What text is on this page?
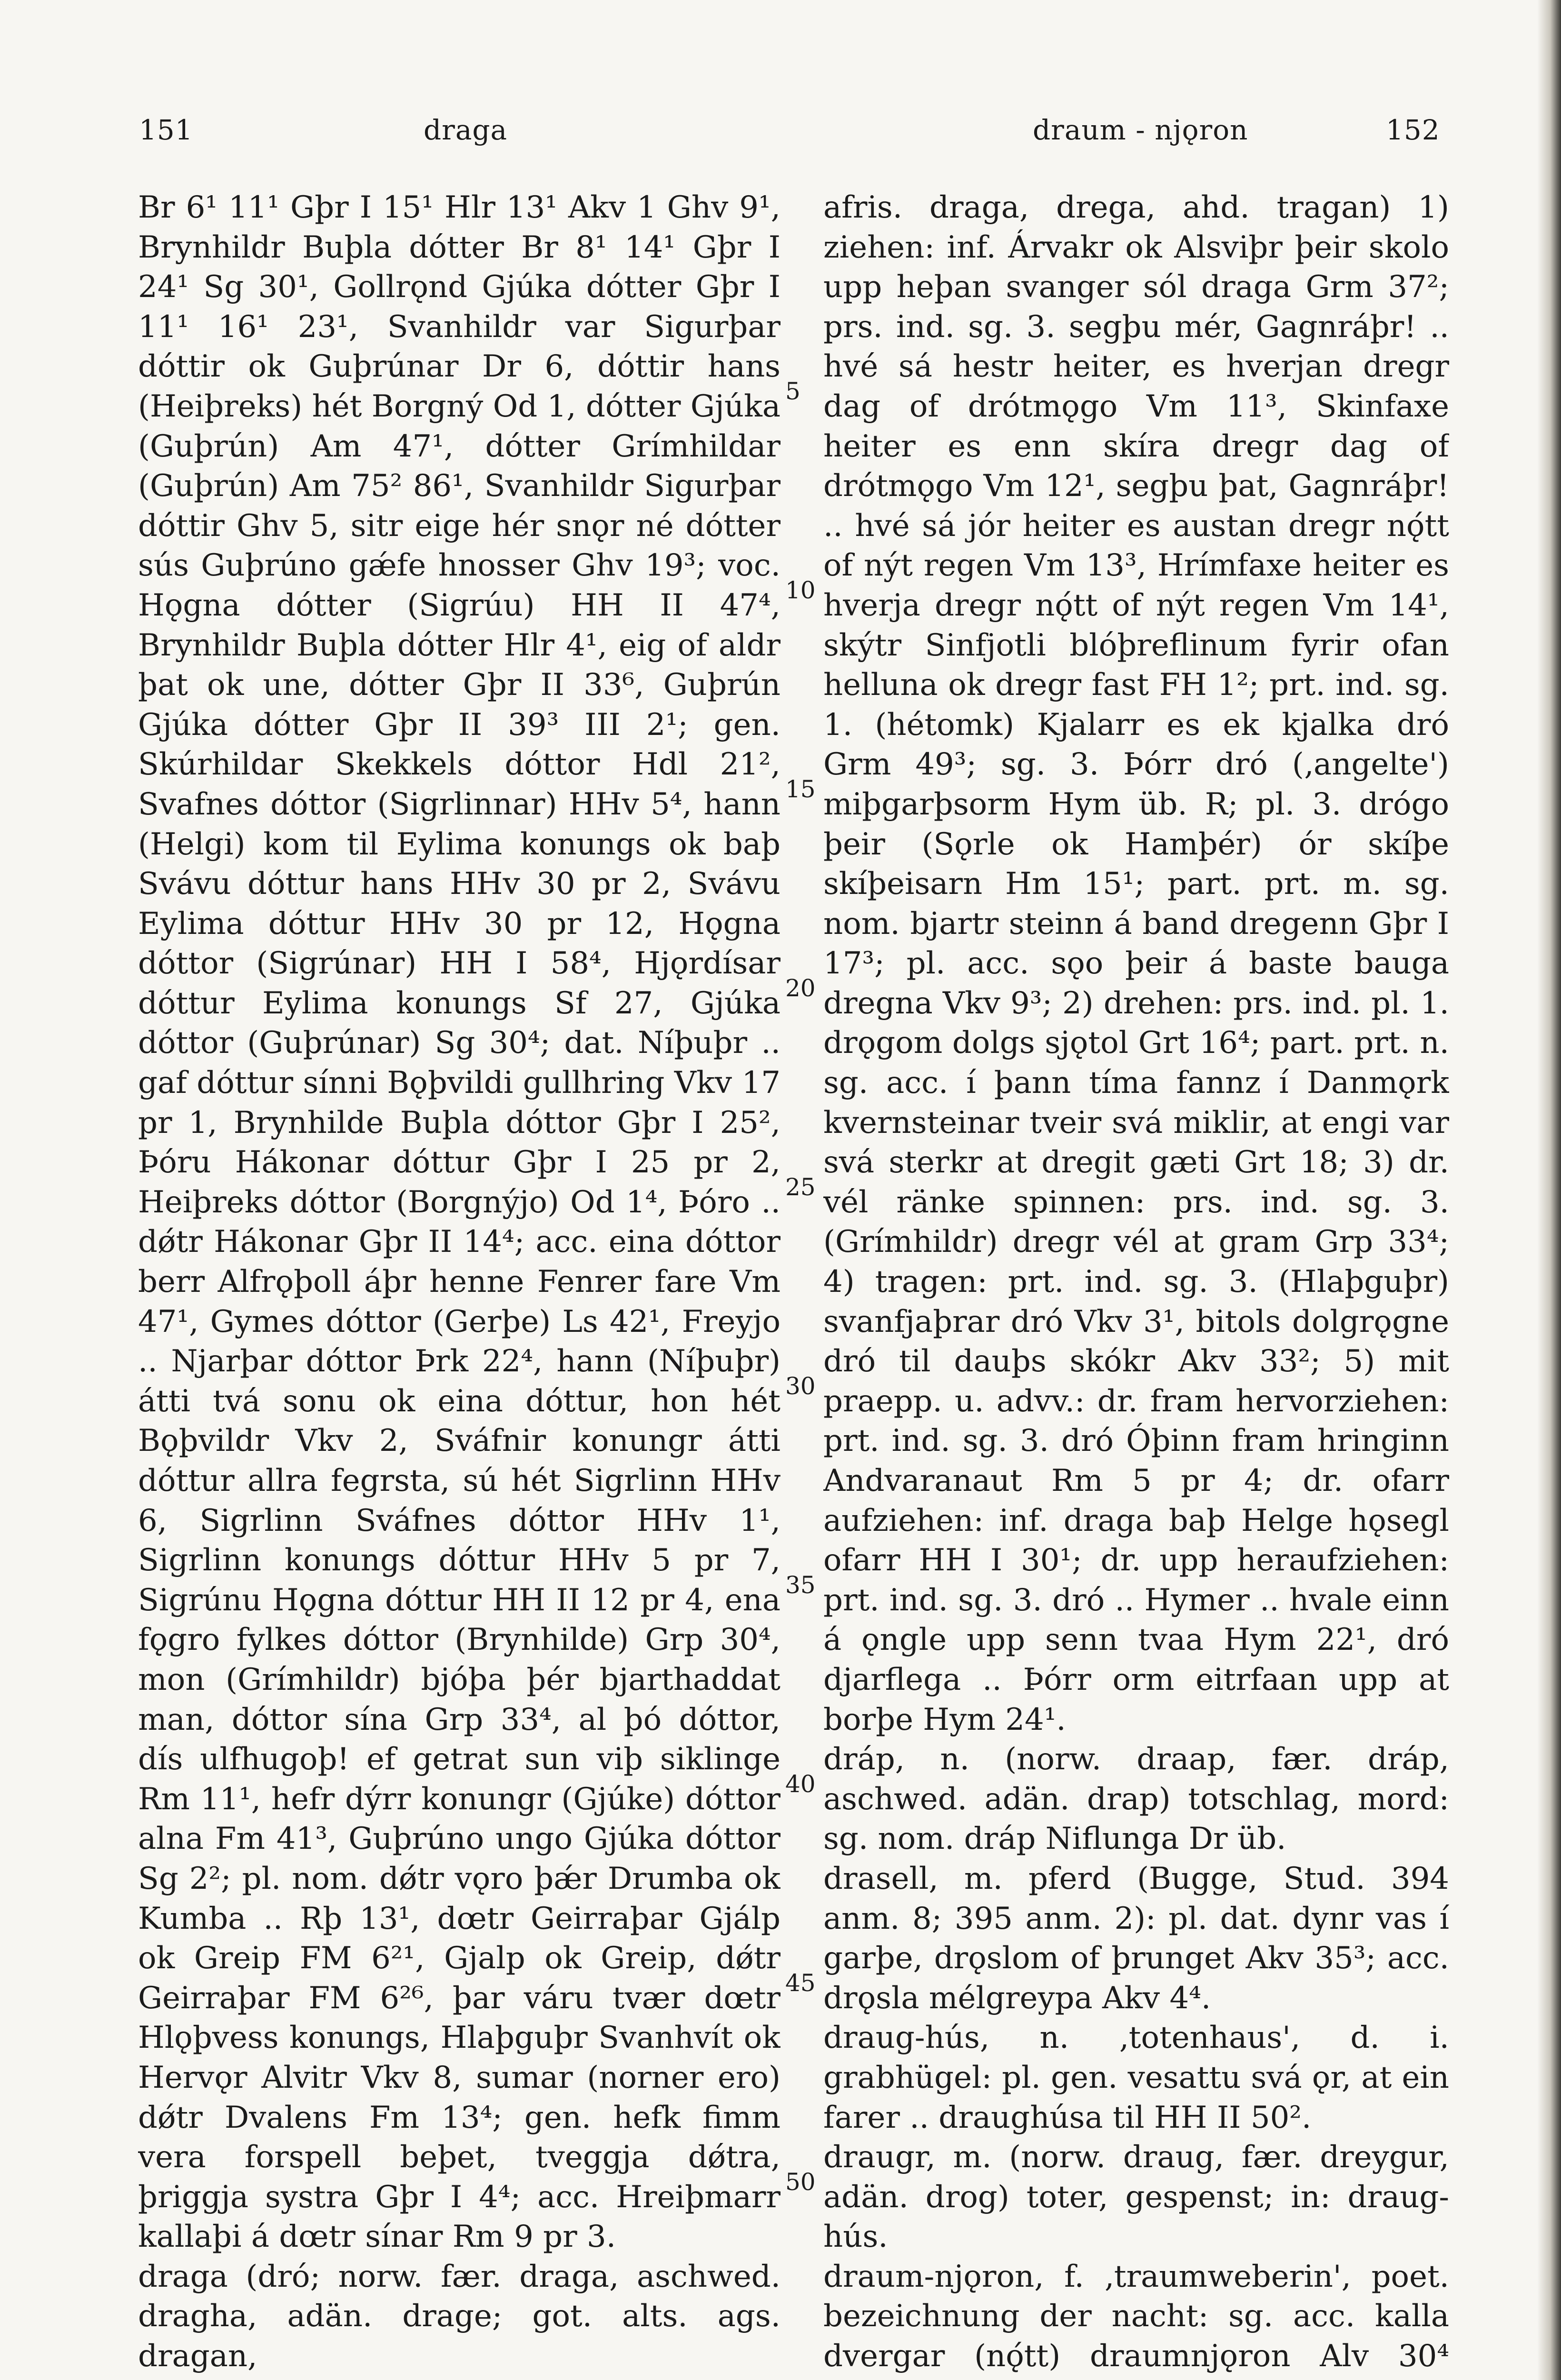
151	draga	draum - njǫron	152

Br 6¹ 11¹ Gþr I 15¹ Hlr 13¹ Akv 1 Ghv 9¹, Brynhildr Buþla dótter Br 8¹ 14¹ Gþr I 24¹ Sg 30¹, Gollrǫnd Gjúka dótter Gþr I 11¹ 16¹ 23¹, Svanhildr var Sigurþar dóttir ok Guþrúnar Dr 6, dóttir hans (Heiþreks) hét Borgný Od 1, dótter Gjúka (Guþrún) Am 47¹, dótter Grímhildar (Guþrún) Am 75² 86¹, Svanhildr Sigurþar dóttir Ghv 5, sitr eige hér snǫr né dótter sús Guþrúno gǽfe hnosser Ghv 19³; voc. Hǫgna dótter (Sigrúu) HH II 47⁴, Brynhildr Buþla dótter Hlr 4¹, eig of aldr þat ok une, dótter Gþr II 33⁶, Guþrún Gjúka dótter Gþr II 39³ III 2¹; gen. Skúrhildar Skekkels dóttor Hdl 21², Svafnes dóttor (Sigrlinnar) HHv 5⁴, hann (Helgi) kom til Eylima konungs ok baþ Svávu dóttur hans HHv 30 pr 2, Svávu Eylima dóttur HHv 30 pr 12, Hǫgna dóttor (Sigrúnar) HH I 58⁴, Hjǫrdísar dóttur Eylima konungs Sf 27, Gjúka dóttor (Guþrúnar) Sg 30⁴; dat. Níþuþr .. gaf dóttur sínni Bǫþvildi gullhring Vkv 17 pr 1, Brynhilde Buþla dóttor Gþr I 25², Þóru Hákonar dóttur Gþr I 25 pr 2, Heiþreks dóttor (Borgnýjo) Od 1⁴, Þóro .. dǿtr Hákonar Gþr II 14⁴; acc. eina dóttor berr Alfrǫþoll áþr henne Fenrer fare Vm 47¹, Gymes dóttor (Gerþe) Ls 42¹, Freyjo .. Njarþar dóttor Þrk 22⁴, hann (Níþuþr) átti tvá sonu ok eina dóttur, hon hét Bǫþvildr Vkv 2, Sváfnir konungr átti dóttur allra fegrsta, sú hét Sigrlinn HHv 6, Sigrlinn Sváfnes dóttor HHv 1¹, Sigrlinn konungs dóttur HHv 5 pr 7, Sigrúnu Hǫgna dóttur HH II 12 pr 4, ena fǫgro fylkes dóttor (Brynhilde) Grp 30⁴, mon (Grímhildr) bjóþa þér bjarthaddat man, dóttor sína Grp 33⁴, al þó dóttor, dís ulfhugoþ! ef getrat sun viþ siklinge Rm 11¹, hefr dýrr konungr (Gjúke) dóttor alna Fm 41³, Guþrúno ungo Gjúka dóttor Sg 2²; pl. nom. dǿtr vǫro þǽr Drumba ok Kumba .. Rþ 13¹, dœtr Geirraþar Gjálp ok Greip FM 6²¹, Gjalp ok Greip, dǿtr Geirraþar FM 6²⁶, þar váru tvær dœtr Hlǫþvess konungs, Hlaþguþr Svanhvít ok Hervǫr Alvitr Vkv 8, sumar (norner ero) dǿtr Dvalens Fm 13⁴; gen. hefk fimm vera forspell beþet, tveggja dǿtra, þriggja systra Gþr I 4⁴; acc. Hreiþmarr kallaþi á dœtr sínar Rm 9 pr 3.

draga (dró; norw. fær. draga, aschwed. dragha, adän. drage; got. alts. ags. dragan,

5
10
15
20
25
30
35
40
45
50

afris. draga, drega, ahd. tragan) 1) ziehen: inf. Árvakr ok Alsviþr þeir skolo upp heþan svanger sól draga Grm 37²; prs. ind. sg. 3. segþu mér, Gagnráþr! .. hvé sá hestr heiter, es hverjan dregr dag of drótmǫgo Vm 11³, Skinfaxe heiter es enn skíra dregr dag of drótmǫgo Vm 12¹, segþu þat, Gagnráþr! .. hvé sá jór heiter es austan dregr nǫ́tt of nýt regen Vm 13³, Hrímfaxe heiter es hverja dregr nǫ́tt of nýt regen Vm 14¹, skýtr Sinfjotli blóþreflinum fyrir ofan helluna ok dregr fast FH 1²; prt. ind. sg. 1. (hétomk) Kjalarr es ek kjalka dró Grm 49³; sg. 3. Þórr dró (‚angelte') miþgarþsorm Hym üb. R; pl. 3. drógo þeir (Sǫrle ok Hamþér) ór skíþe skíþeisarn Hm 15¹; part. prt. m. sg. nom. bjartr steinn á band dregenn Gþr I 17³; pl. acc. sǫo þeir á baste bauga dregna Vkv 9³; 2) drehen: prs. ind. pl. 1. drǫgom dolgs sjǫtol Grt 16⁴; part. prt. n. sg. acc. í þann tíma fannz í Danmǫrk kvernsteinar tveir svá miklir, at engi var svá sterkr at dregit gæti Grt 18; 3) dr. vél ränke spinnen: prs. ind. sg. 3. (Grímhildr) dregr vél at gram Grp 33⁴; 4) tragen: prt. ind. sg. 3. (Hlaþguþr) svanfjaþrar dró Vkv 3¹, bitols dolgrǫgne dró til dauþs skókr Akv 33²; 5) mit praepp. u. advv.: dr. fram hervorziehen: prt. ind. sg. 3. dró Óþinn fram hringinn Andvaranaut Rm 5 pr 4; dr. ofarr aufziehen: inf. draga baþ Helge hǫsegl ofarr HH I 30¹; dr. upp heraufziehen: prt. ind. sg. 3. dró .. Hymer .. hvale einn á ǫngle upp senn tvaa Hym 22¹, dró djarflega .. Þórr orm eitrfaan upp at borþe Hym 24¹.

dráp, n. (norw. draap, fær. dráp, aschwed. adän. drap) totschlag, mord: sg. nom. dráp Niflunga Dr üb.

drasell, m. pferd (Bugge, Stud. 394 anm. 8; 395 anm. 2): pl. dat. dynr vas í garþe, drǫslom of þrunget Akv 35³; acc. drǫsla mélgreypa Akv 4⁴.

draug-hús, n. ‚totenhaus', d. i. grabhügel: pl. gen. vesattu svá ǫr, at ein farer .. draughúsa til HH II 50².

draugr, m. (norw. draug, fær. dreygur, adän. drog) toter, gespenst; in: draug-hús.

draum-njǫron, f. ‚traumweberin', poet. bezeichnung der nacht: sg. acc. kalla dvergar (nǫ́tt) draumnjǫron Alv 30⁴
